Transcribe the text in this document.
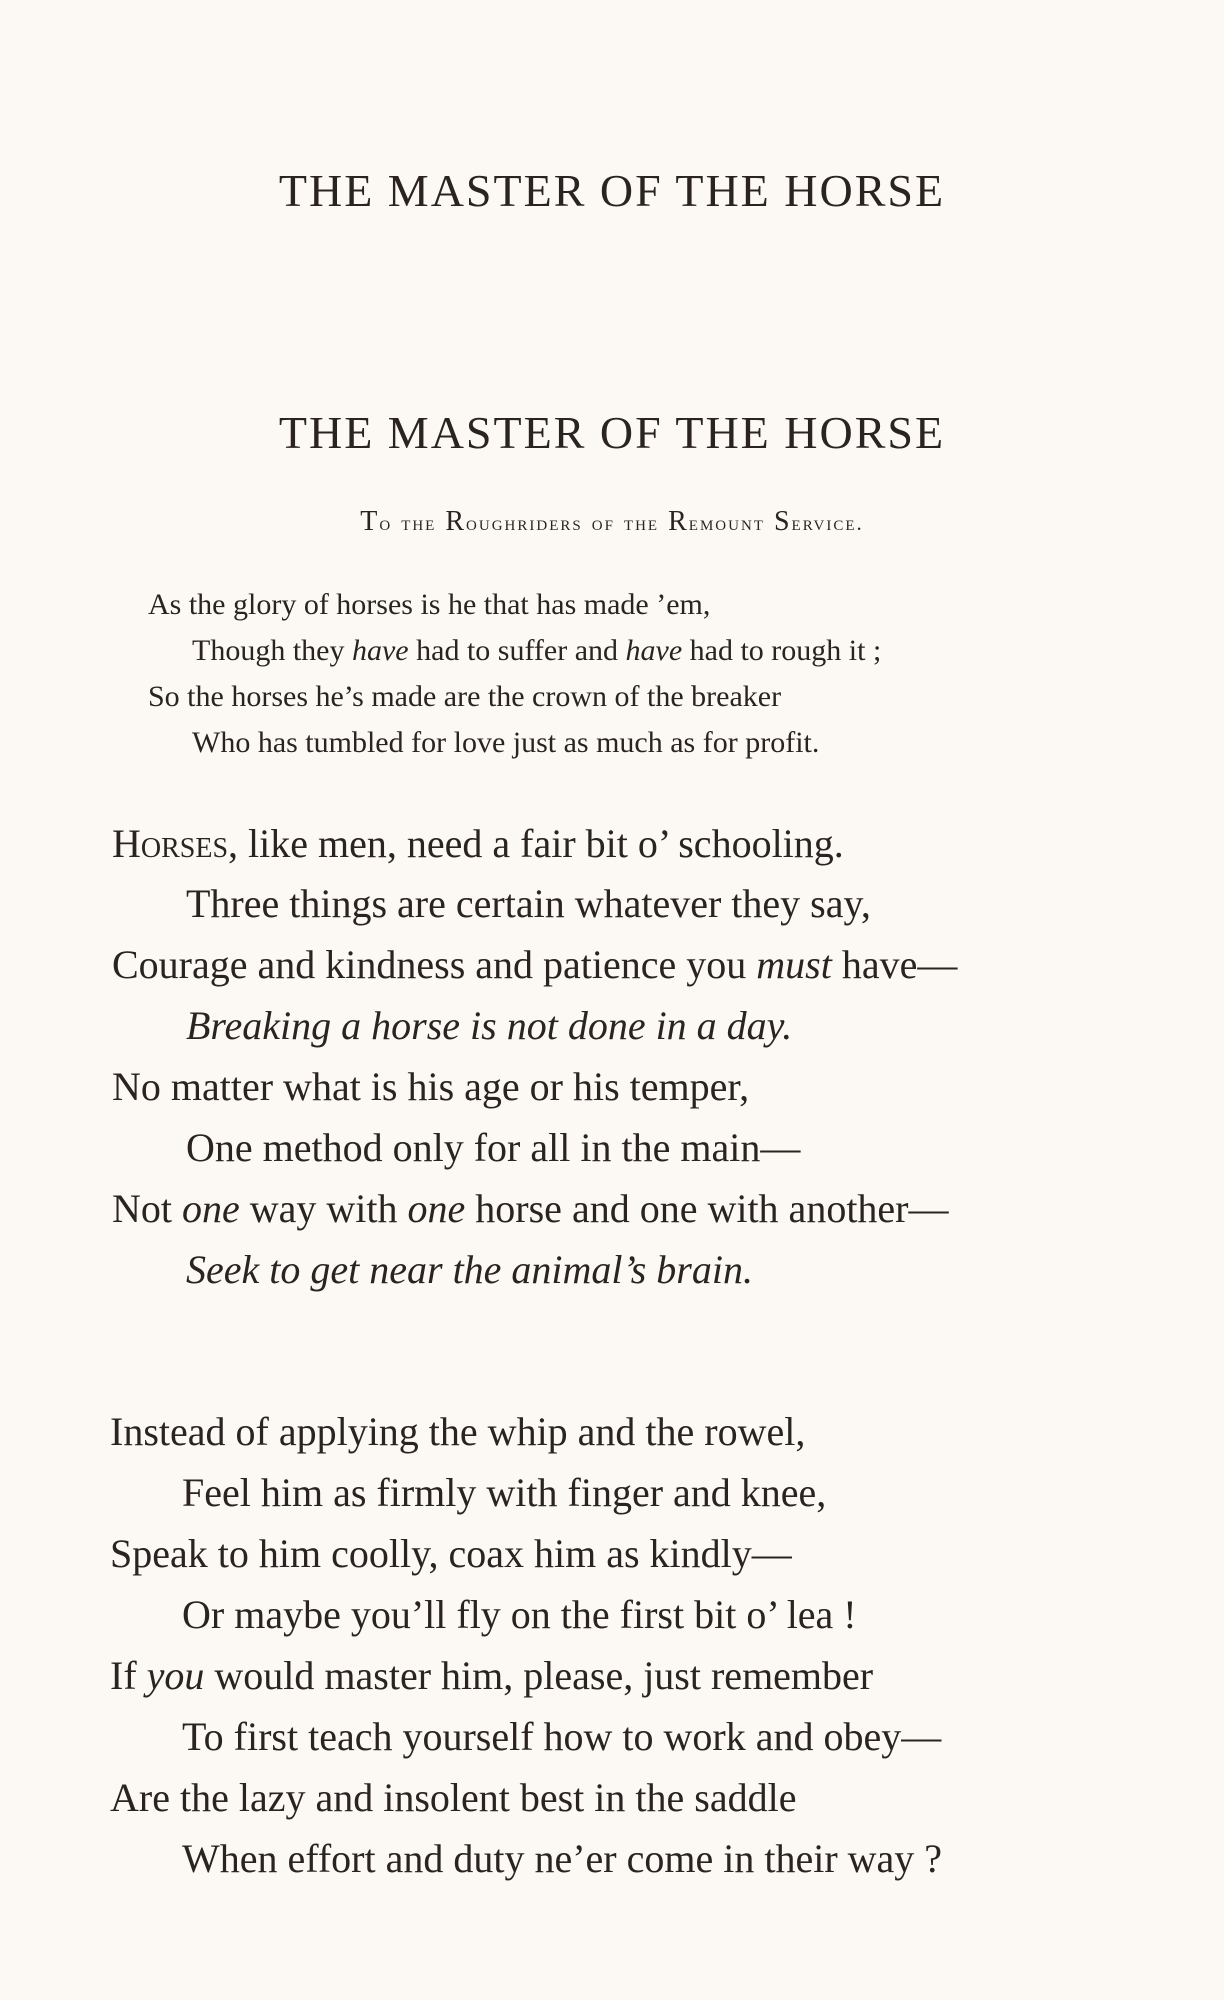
THE MASTER OF THE HORSE
THE MASTER OF THE HORSE
To the Roughriders of the Remount Service.
As the glory of horses is he that has made ’em,
Though they have had to suffer and have had to rough it ;
So the horses he’s made are the crown of the breaker
Who has tumbled for love just as much as for profit.
Horses, like men, need a fair bit o’ schooling.
Three things are certain whatever they say,
Courage and kindness and patience you must have—
Breaking a horse is not done in a day.
No matter what is his age or his temper,
One method only for all in the main—
Not one way with one horse and one with another—
Seek to get near the animal’s brain.
Instead of applying the whip and the rowel,
Feel him as firmly with finger and knee,
Speak to him coolly, coax him as kindly—
Or maybe you’ll fly on the first bit o’ lea !
If you would master him, please, just remember
To first teach yourself how to work and obey—
Are the lazy and insolent best in the saddle
When effort and duty ne’er come in their way ?
